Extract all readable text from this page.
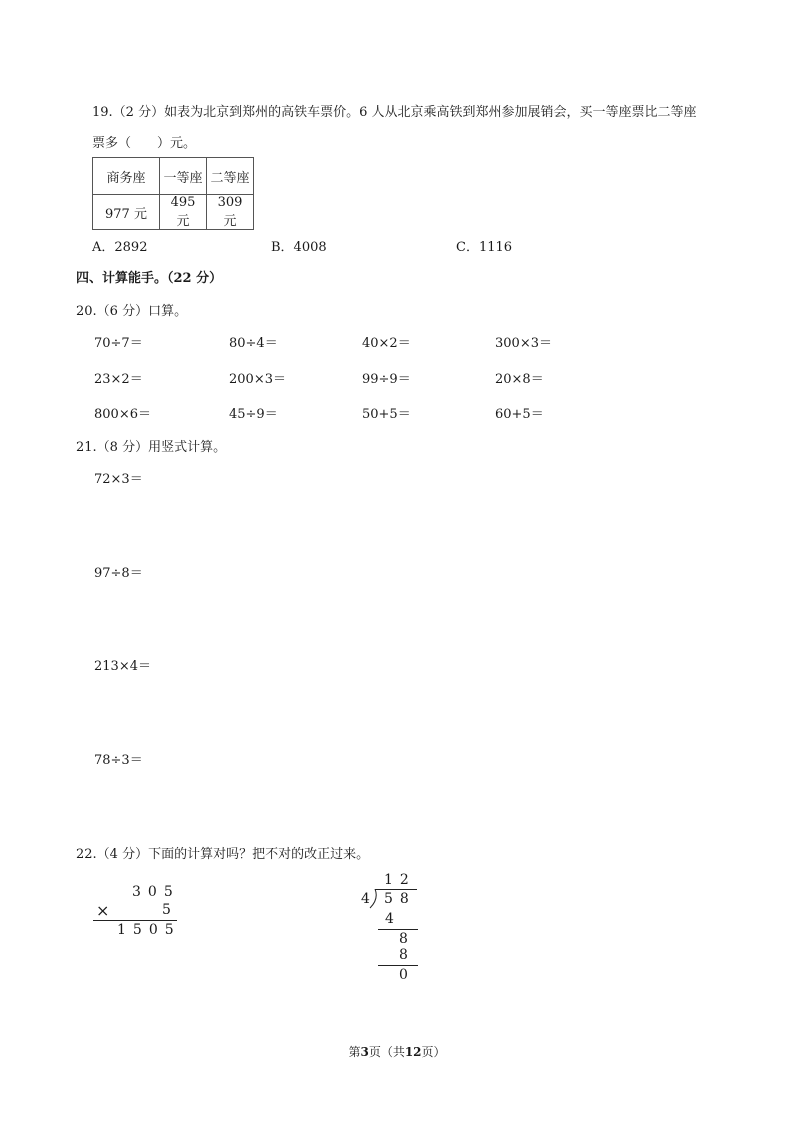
19.（2 分）如表为北京到郑州的高铁车票价。6 人从北京乘高铁到郑州参加展销会，买一等座票比二等座
票多（　　）元。
商务座	一等座	二等座
977 元	495 元	309 元
A．2892	B．4008	C．1116
四、计算能手。（22 分）
20.（6 分）口算。
70÷7＝	80÷4＝	40×2＝	300×3＝
23×2＝	200×3＝	99÷9＝	20×8＝
800×6＝	45÷9＝	50+5＝	60+5＝
21.（8 分）用竖式计算。
72×3＝
97÷8＝
213×4＝
78÷3＝
22.（4 分）下面的计算对吗？把不对的改正过来。
305
×	5
1505
12
4 58
4
8
8
0
第3页（共12页）
